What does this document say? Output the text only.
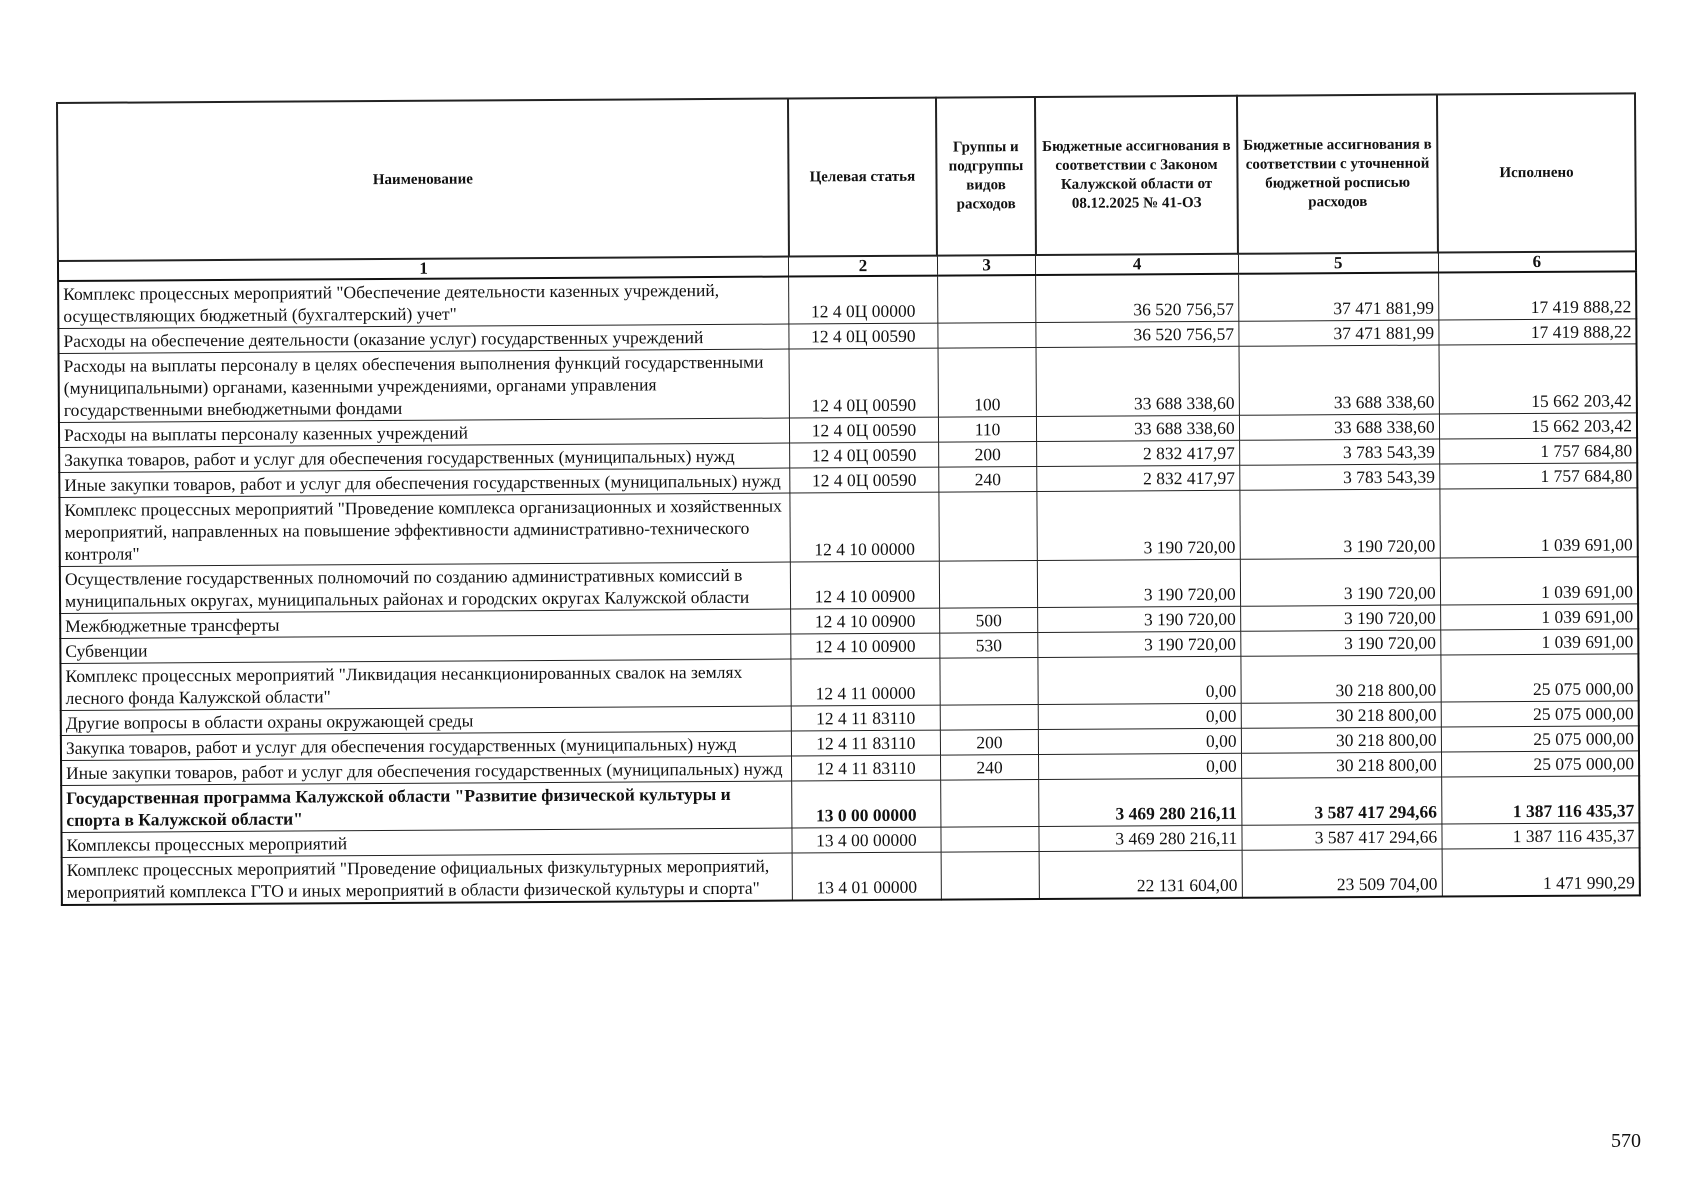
Наименование	Целевая статья	Группы и подгруппы видов расходов	Бюджетные ассигнования в соответствии с Законом Калужской области от 08.12.2025 № 41-ОЗ	Бюджетные ассигнования в соответствии с уточненной бюджетной росписью расходов	Исполнено
1	2	3	4	5	6
Комплекс процессных мероприятий "Обеспечение деятельности казенных учреждений, осуществляющих бюджетный (бухгалтерский) учет"	12 4 0Ц 00000		36 520 756,57	37 471 881,99	17 419 888,22
Расходы на обеспечение деятельности (оказание услуг) государственных учреждений	12 4 0Ц 00590		36 520 756,57	37 471 881,99	17 419 888,22
Расходы на выплаты персоналу в целях обеспечения выполнения функций государственными (муниципальными) органами, казенными учреждениями, органами управления государственными внебюджетными фондами	12 4 0Ц 00590	100	33 688 338,60	33 688 338,60	15 662 203,42
Расходы на выплаты персоналу казенных учреждений	12 4 0Ц 00590	110	33 688 338,60	33 688 338,60	15 662 203,42
Закупка товаров, работ и услуг для обеспечения государственных (муниципальных) нужд	12 4 0Ц 00590	200	2 832 417,97	3 783 543,39	1 757 684,80
Иные закупки товаров, работ и услуг для обеспечения государственных (муниципальных) нужд	12 4 0Ц 00590	240	2 832 417,97	3 783 543,39	1 757 684,80
Комплекс процессных мероприятий "Проведение комплекса организационных и хозяйственных мероприятий, направленных на повышение эффективности административно-технического контроля"	12 4 10 00000		3 190 720,00	3 190 720,00	1 039 691,00
Осуществление государственных полномочий по созданию административных комиссий в муниципальных округах, муниципальных районах и городских округах Калужской области	12 4 10 00900		3 190 720,00	3 190 720,00	1 039 691,00
Межбюджетные трансферты	12 4 10 00900	500	3 190 720,00	3 190 720,00	1 039 691,00
Субвенции	12 4 10 00900	530	3 190 720,00	3 190 720,00	1 039 691,00
Комплекс процессных мероприятий "Ликвидация несанкционированных свалок на землях лесного фонда Калужской области"	12 4 11 00000		0,00	30 218 800,00	25 075 000,00
Другие вопросы в области охраны окружающей среды	12 4 11 83110		0,00	30 218 800,00	25 075 000,00
Закупка товаров, работ и услуг для обеспечения государственных (муниципальных) нужд	12 4 11 83110	200	0,00	30 218 800,00	25 075 000,00
Иные закупки товаров, работ и услуг для обеспечения государственных (муниципальных) нужд	12 4 11 83110	240	0,00	30 218 800,00	25 075 000,00
Государственная программа Калужской области "Развитие физической культуры и спорта в Калужской области"	13 0 00 00000		3 469 280 216,11	3 587 417 294,66	1 387 116 435,37
Комплексы процессных мероприятий	13 4 00 00000		3 469 280 216,11	3 587 417 294,66	1 387 116 435,37
Комплекс процессных мероприятий "Проведение официальных физкультурных мероприятий, мероприятий комплекса ГТО и иных мероприятий в области физической культуры и спорта"	13 4 01 00000		22 131 604,00	23 509 704,00	1 471 990,29
570
